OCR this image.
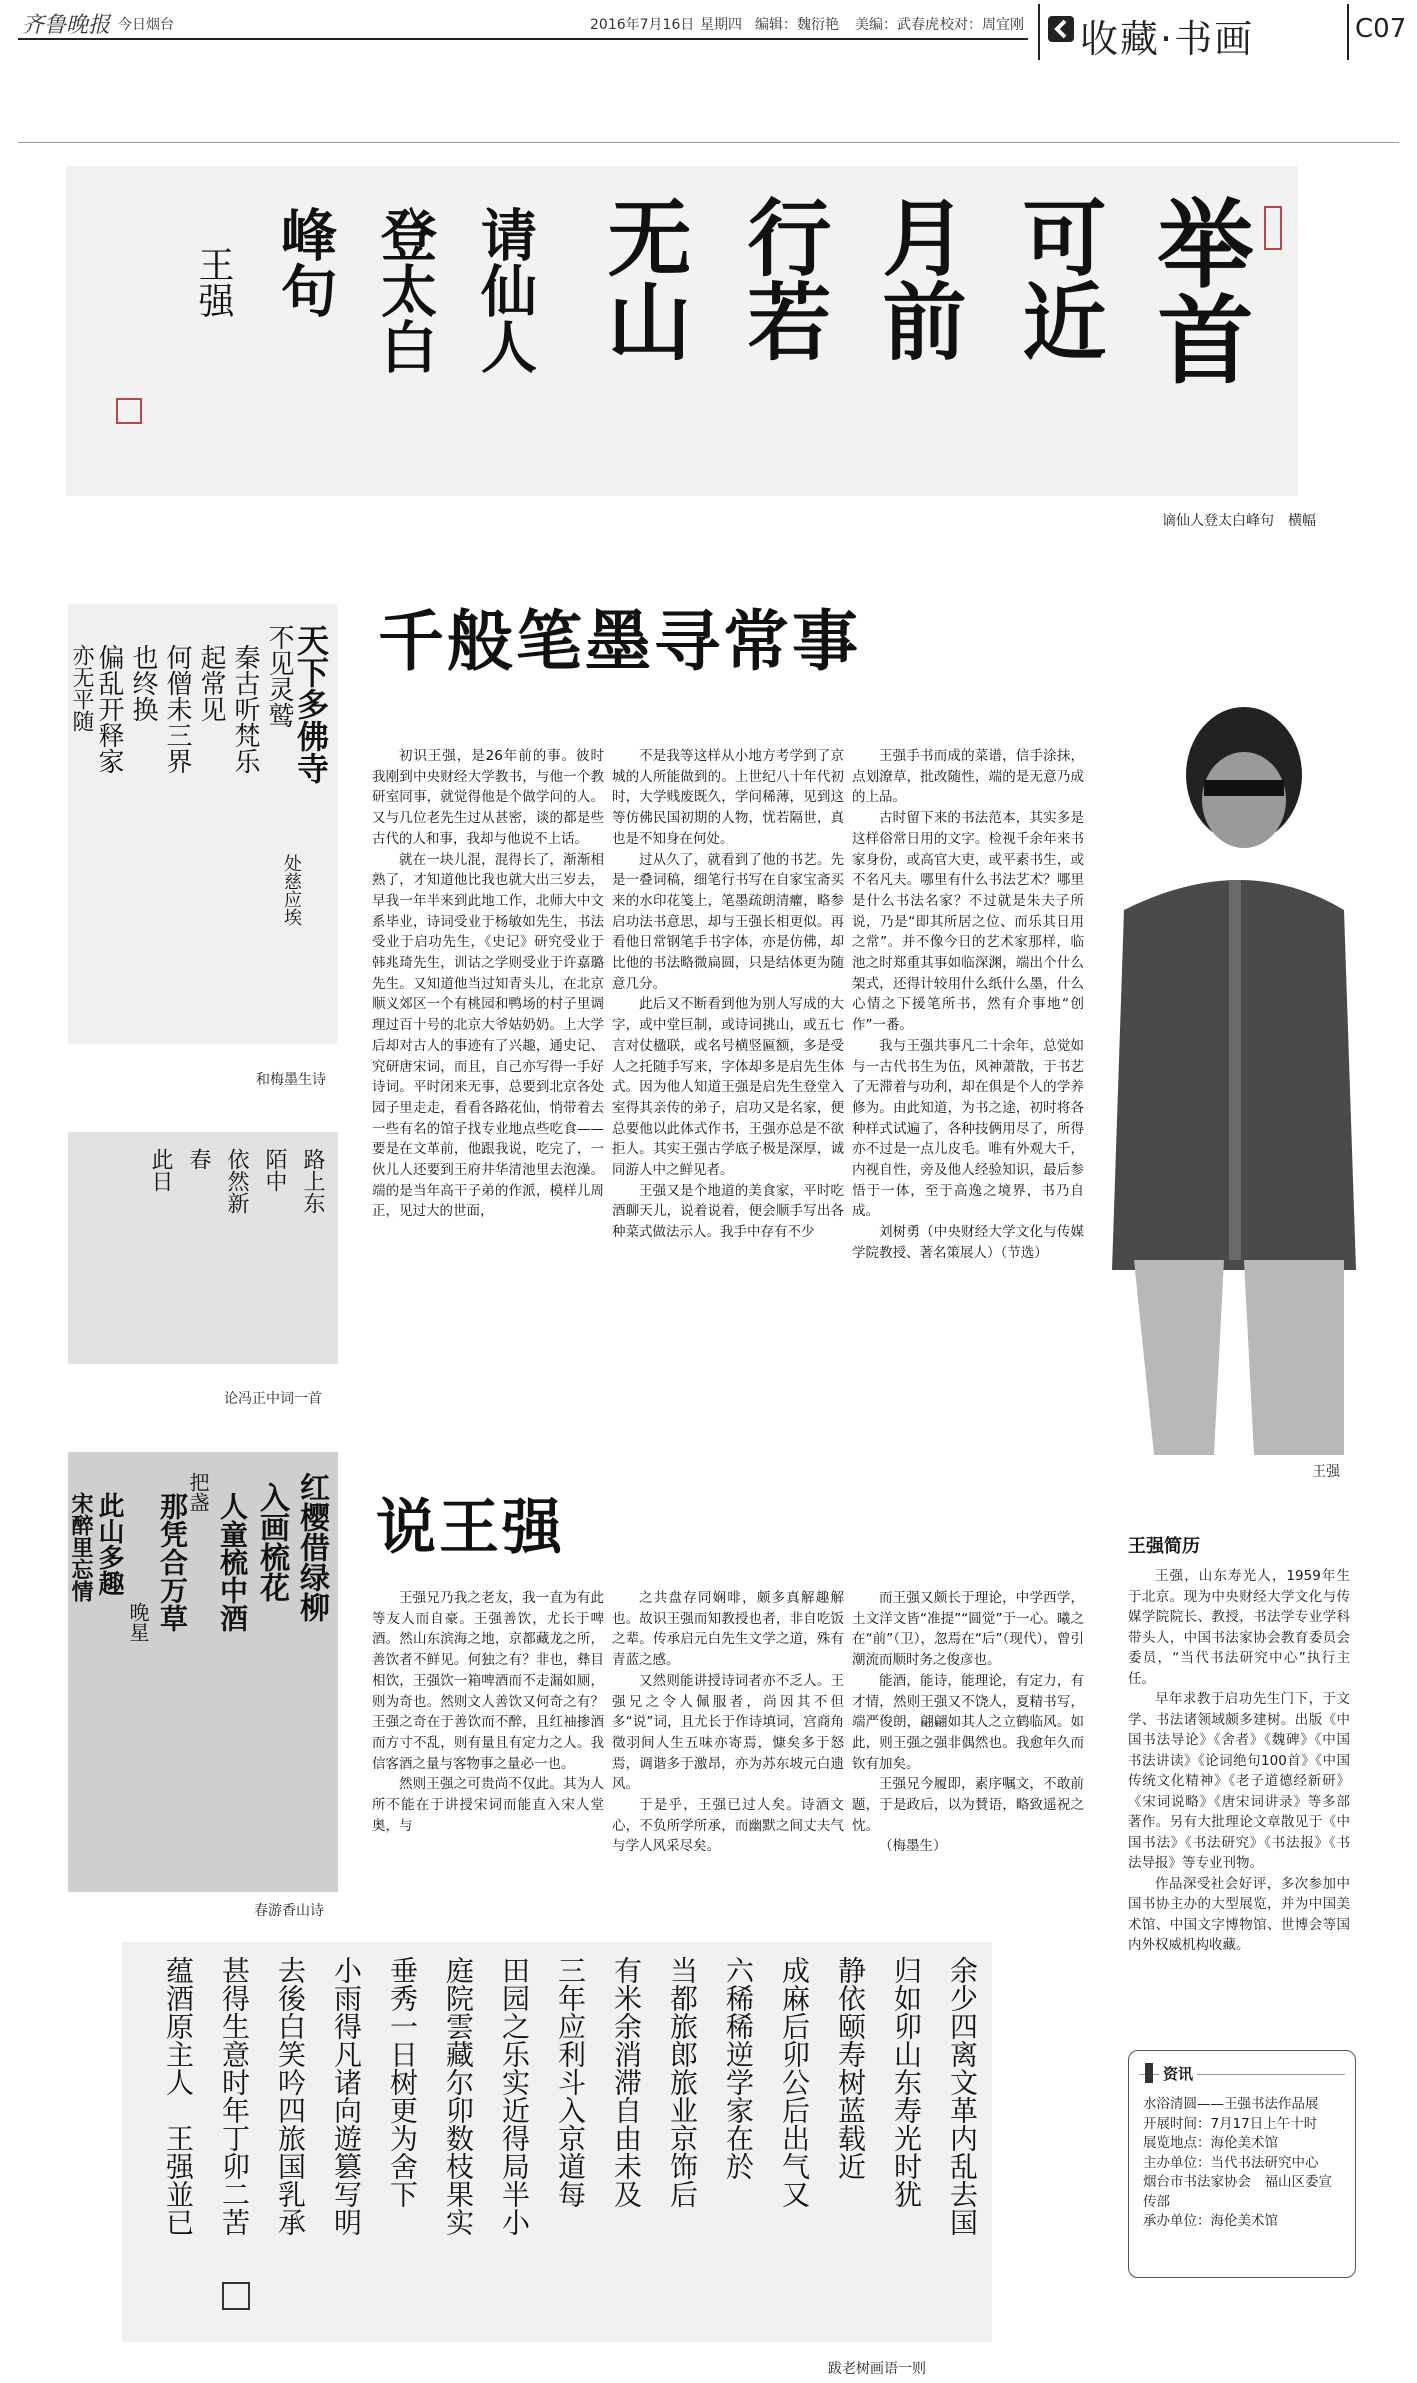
齐鲁晚报 今日烟台	2016年7月16日 星期四 编辑：魏衍艳 美编：武春虎 校对：周宜刚 收藏·书画	C07
举首
可近
月前
行若
无山
请仙人
登太白
峰句
王强
谪仙人登太白峰句　横幅
天下多佛寺
不见灵鹫
秦古听梵乐
起常见
何僧未三界
也终换
偏乱开释家
亦无平随
处慈应埃
和梅墨生诗
路上东
陌中
依然新
春
此日
论冯正中词一首
红樱借绿柳
入画梳花
人童梳中酒
把盏
那凭合万草
晚星
此山多趣
宋醉里忘情
春游香山诗
千般笔墨寻常事

初识王强，是26年前的事。彼时我刚到中央财经大学教书，与他一个教研室同事，就觉得他是个做学问的人。又与几位老先生过从甚密，谈的都是些古代的人和事，我却与他说不上话。

就在一块儿混，混得长了，渐渐相熟了，才知道他比我也就大出三岁去，早我一年半来到此地工作，北师大中文系毕业，诗词受业于杨敏如先生，书法受业于启功先生，《史记》研究受业于韩兆琦先生，训诂之学则受业于许嘉璐先生。又知道他当过知青头儿，在北京顺义郊区一个有桃园和鸭场的村子里调理过百十号的北京大爷姑奶奶。上大学后却对古人的事迹有了兴趣，通史记、究研唐宋词，而且，自己亦写得一手好诗词。平时闭来无事，总要到北京各处园子里走走，看看各路花仙，悄带着去一些有名的馆子找专业地点些吃食——要是在文革前，他跟我说，吃完了，一伙儿人还要到王府井华清池里去泡澡。端的是当年高干子弟的作派，模样儿周正，见过大的世面，

不是我等这样从小地方考学到了京城的人所能做到的。上世纪八十年代初时，大学贱废既久，学问稀薄，见到这等仿佛民国初期的人物，忧若隔世，真也是不知身在何处。

过从久了，就看到了他的书艺。先是一叠词稿，细笔行书写在自家宝斋买来的水印花笺上，笔墨疏朗清癯，略参启功法书意思，却与王强长相更似。再看他日常钢笔手书字体，亦是仿佛，却比他的书法略微扁圆，只是结体更为随意几分。

此后又不断看到他为别人写成的大字，或中堂巨制，或诗词挑山，或五七言对仗楹联，或名号横竖匾额，多是受人之托随手写来，字体却多是启先生体式。因为他人知道王强是启先生登堂入室得其亲传的弟子，启功又是名家，便总要他以此体式作书，王强亦总是不欲拒人。其实王强古学底子极是深厚，诚同游人中之鲜见者。

王强又是个地道的美食家，平时吃酒聊天儿，说着说着，便会顺手写出各种菜式做法示人。我手中存有不少

王强手书而成的菜谱，信手涂抹，点划潦草，批改随性，端的是无意乃成的上品。

古时留下来的书法范本，其实多是这样俗常日用的文字。检视千余年来书家身份，或高官大吏，或平素书生，或不名凡夫。哪里有什么书法艺术？哪里是什么书法名家？不过就是朱夫子所说，乃是“即其所居之位、而乐其日用之常”。并不像今日的艺术家那样，临池之时郑重其事如临深渊，端出个什么架式，还得计较用什么纸什么墨，什么心情之下援笔所书，然有介事地“创作”一番。

我与王强共事凡二十余年，总觉如与一古代书生为伍，风神萧散，于书艺了无滞着与功利，却在俱是个人的学养修为。由此知道，为书之途，初时将各种样式试遍了，各种技俩用尽了，所得亦不过是一点儿皮毛。唯有外观大千，内视自性，旁及他人经验知识，最后参悟于一体，至于高逸之境界，书乃自成。

刘树勇（中央财经大学文化与传媒学院教授、著名策展人）（节选）

王强
说王强

王强兄乃我之老友，我一直为有此等友人而自豪。王强善饮，尤长于啤酒。然山东滨海之地，京都藏龙之所，善饮者不鲜见。何独之有？非也，彝目相饮，王强饮一箱啤酒而不走漏如厕，则为奇也。然则文人善饮又何奇之有？王强之奇在于善饮而不醉，且红袖掺酒而方寸不乱，则有量且有定力之人。我信客酒之量与客物事之量必一也。

然则王强之可贵尚不仅此。其为人所不能在于讲授宋词而能直入宋人堂奥，与

之共盘存同娴啡，颇多真解趣解也。故识王强而知教授也者，非自吃饭之辈。传承启元白先生文学之道，殊有青蓝之感。

又然则能讲授诗词者亦不乏人。王强兄之令人佩服者，尚因其不但多“说”词，且尤长于作诗填词，宫商角徵羽间人生五味亦寄焉，慷矣多于怒焉，调谐多于激昂，亦为苏东坡元白遗风。

于是乎，王强已过人矣。诗酒文心，不负所学所承，而幽默之间丈夫气与学人风采尽矣。

而王强又颇长于理论，中学西学，土文洋文皆“准提”“圆觉”于一心。曦之在“前”（卫），忽焉在“后”（现代），曾引潮流而顺时务之俊彦也。

能酒，能诗，能理论，有定力，有才情，然则王强又不饶人，夏精书写，端严俊朗，翩翩如其人之立鹤临风。如此，则王强之强非偶然也。我愈年久而钦有加矣。

王强兄今履即，素序嘱文，不敢前题，于是政后，以为賛语，略致遥祝之忱。

（梅墨生）

王强简历

王强，山东寿光人，1959年生于北京。现为中央财经大学文化与传媒学院院长、教授，书法学专业学科带头人，中国书法家协会教育委员会委员，“当代书法研究中心”执行主任。

早年求教于启功先生门下，于文学、书法诸领域颇多建树。出版《中国书法导论》《舍者》《魏碑》《中国书法讲读》《论词绝句100首》《中国传统文化精神》《老子道德经新研》《宋词说略》《唐宋词讲录》等多部著作。另有大批理论文章散见于《中国书法》《书法研究》《书法报》《书法导报》等专业刊物。

作品深受社会好评，多次参加中国书协主办的大型展览，并为中国美术馆、中国文字博物馆、世博会等国内外权威机构收藏。

资讯
水浴清圆——王强书法作品展
开展时间：7月17日上午十时
展览地点：海伦美术馆
主办单位：当代书法研究中心　烟台市书法家协会　福山区委宣传部
承办单位：海伦美术馆
余少四离文革内乱去国
归如卯山东寿光时犹
静依颐寿树蓝载近
成麻后卯公后出气又
六稀稀逆学家在於
当都旅郎旅业京饰后
有米余消滞自由未及
三年应利斗入京道每
田园之乐实近得局半小
庭院雲藏尔卯数枝果实
垂秀一日树更为舍下
小雨得凡诸向遊篡写明
去後白笑吟四旅国乳承
甚得生意时年丁卯二苦
蕴酒原主人　王强並已
跋老树画语一则
